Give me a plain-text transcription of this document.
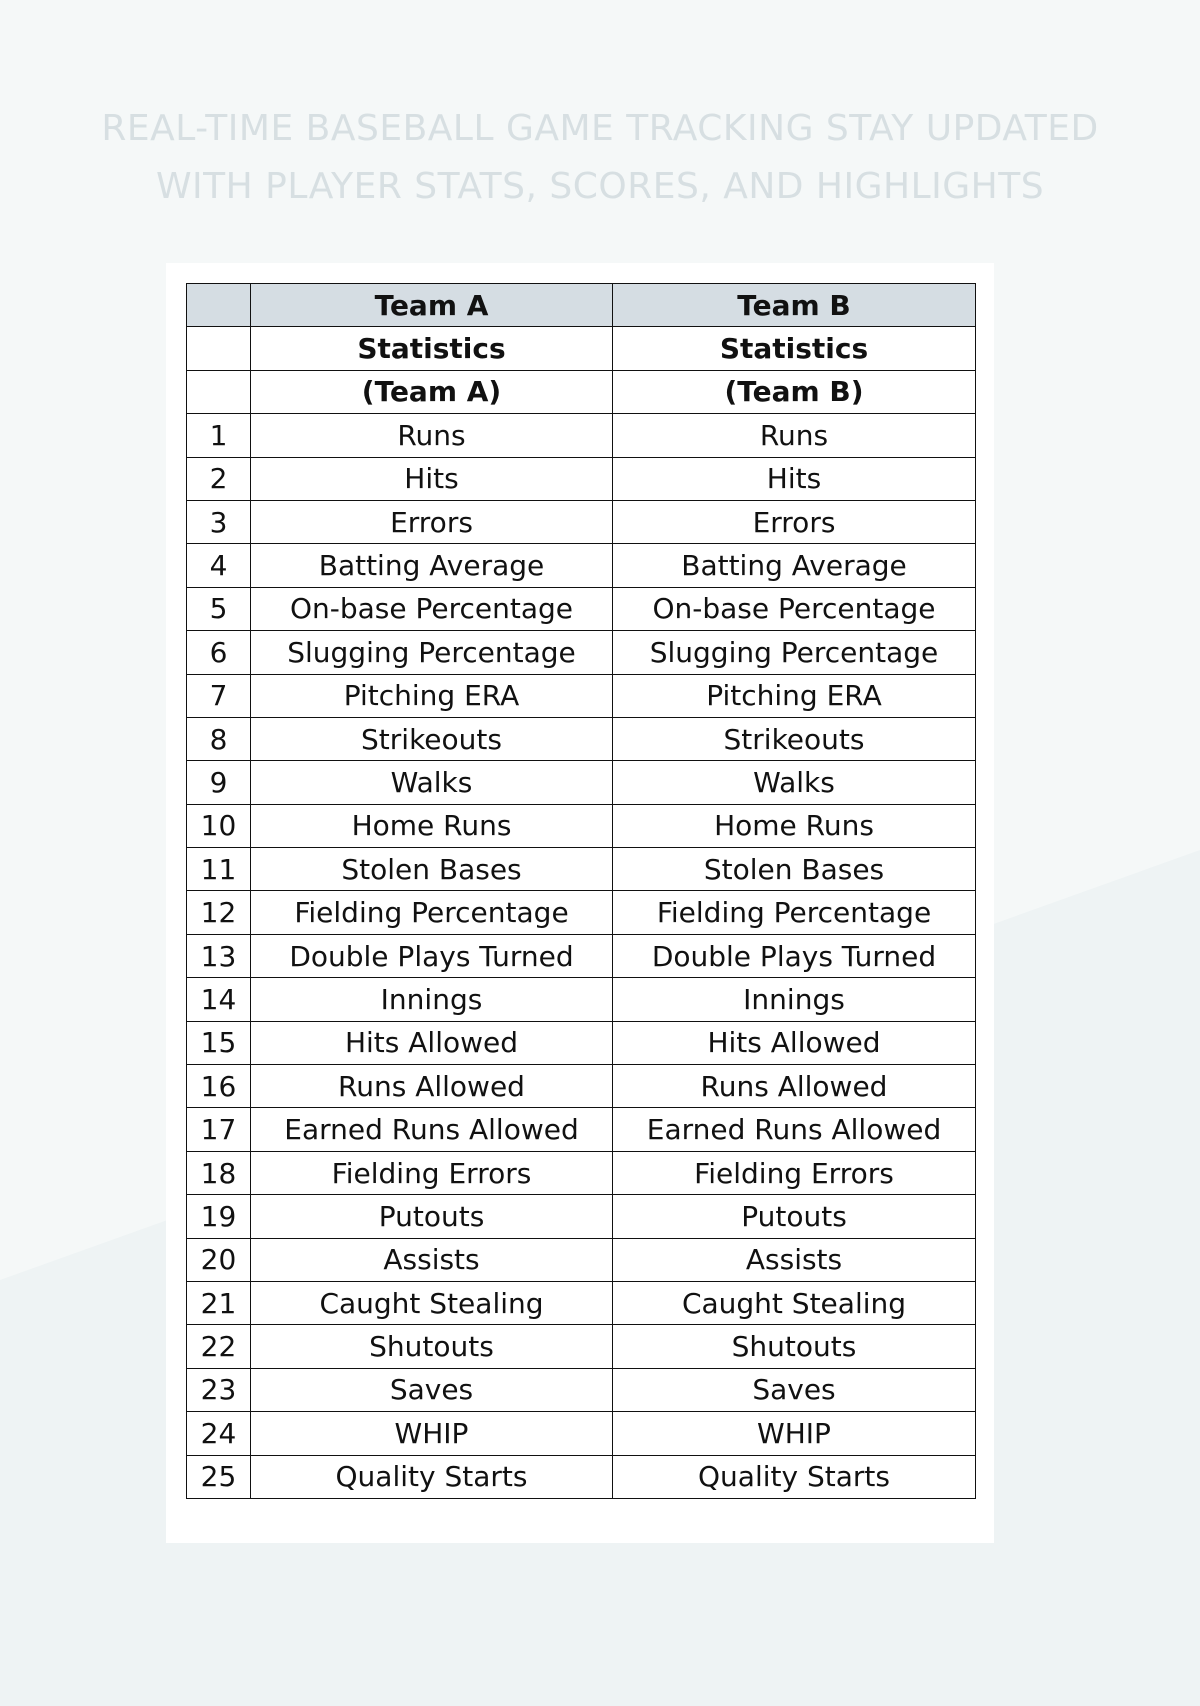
REAL-TIME BASEBALL GAME TRACKING STAY UPDATED
WITH PLAYER STATS, SCORES, AND HIGHLIGHTS
	Team A	Team B
	Statistics	Statistics
	(Team A)	(Team B)
1	Runs	Runs
2	Hits	Hits
3	Errors	Errors
4	Batting Average	Batting Average
5	On-base Percentage	On-base Percentage
6	Slugging Percentage	Slugging Percentage
7	Pitching ERA	Pitching ERA
8	Strikeouts	Strikeouts
9	Walks	Walks
10	Home Runs	Home Runs
11	Stolen Bases	Stolen Bases
12	Fielding Percentage	Fielding Percentage
13	Double Plays Turned	Double Plays Turned
14	Innings	Innings
15	Hits Allowed	Hits Allowed
16	Runs Allowed	Runs Allowed
17	Earned Runs Allowed	Earned Runs Allowed
18	Fielding Errors	Fielding Errors
19	Putouts	Putouts
20	Assists	Assists
21	Caught Stealing	Caught Stealing
22	Shutouts	Shutouts
23	Saves	Saves
24	WHIP	WHIP
25	Quality Starts	Quality Starts
